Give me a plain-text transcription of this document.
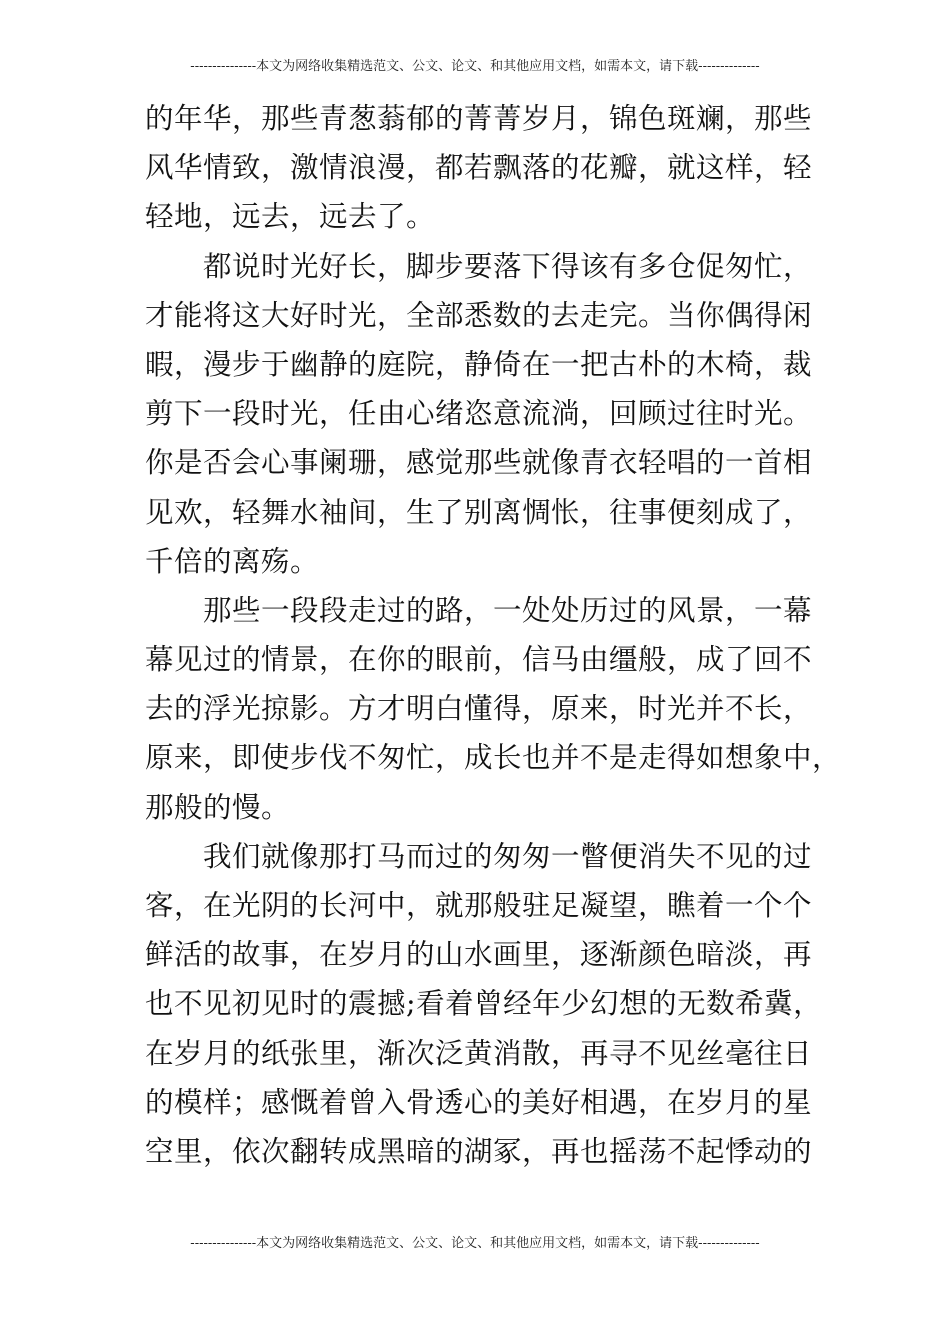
---------------本文为网络收集精选范文、公文、论文、和其他应用文档，如需本文，请下载--------------
的年华，那些青葱蓊郁的菁菁岁月，锦色斑斓，那些
风华情致，激情浪漫，都若飘落的花瓣，就这样，轻
轻地，远去，远去了。
都说时光好长，脚步要落下得该有多仓促匆忙，
才能将这大好时光，全部悉数的去走完。当你偶得闲
暇，漫步于幽静的庭院，静倚在一把古朴的木椅，裁
剪下一段时光，任由心绪恣意流淌，回顾过往时光。
你是否会心事阑珊，感觉那些就像青衣轻唱的一首相
见欢，轻舞水袖间，生了别离惆怅，往事便刻成了，
千倍的离殇。
那些一段段走过的路，一处处历过的风景，一幕
幕见过的情景，在你的眼前，信马由缰般，成了回不
去的浮光掠影。方才明白懂得，原来，时光并不长，
原来，即使步伐不匆忙，成长也并不是走得如想象中，
那般的慢。
我们就像那打马而过的匆匆一瞥便消失不见的过
客，在光阴的长河中，就那般驻足凝望，瞧着一个个
鲜活的故事，在岁月的山水画里，逐渐颜色暗淡，再
也不见初见时的震撼;看着曾经年少幻想的无数希冀，
在岁月的纸张里，渐次泛黄消散，再寻不见丝毫往日
的模样；感慨着曾入骨透心的美好相遇，在岁月的星
空里，依次翻转成黑暗的湖冢，再也摇荡不起悸动的
---------------本文为网络收集精选范文、公文、论文、和其他应用文档，如需本文，请下载--------------
